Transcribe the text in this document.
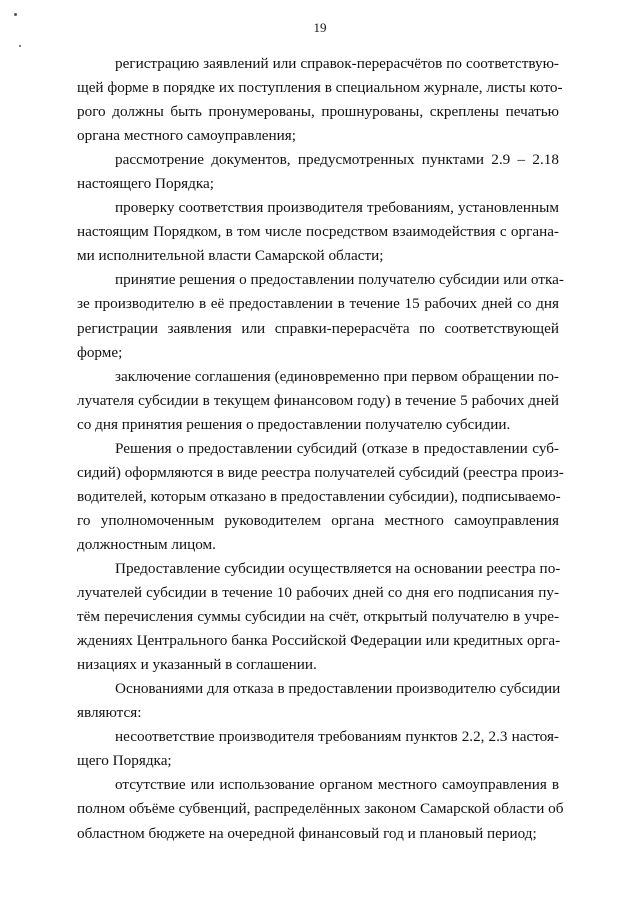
19
регистрацию заявлений или справок-перерасчётов по соответствую-
щей форме в порядке их поступления в специальном журнале, листы кото-
рого должны быть пронумерованы, прошнурованы, скреплены печатью
органа местного самоуправления;
рассмотрение документов, предусмотренных пунктами 2.9 – 2.18
настоящего Порядка;
проверку соответствия производителя требованиям, установленным
настоящим Порядком, в том числе посредством взаимодействия с органа-
ми исполнительной власти Самарской области;
принятие решения о предоставлении получателю субсидии или отка-
зе производителю в её предоставлении в течение 15 рабочих дней со дня
регистрации заявления или справки-перерасчёта по соответствующей
форме;
заключение соглашения (единовременно при первом обращении по-
лучателя субсидии в текущем финансовом году) в течение 5 рабочих дней
со дня принятия решения о предоставлении получателю субсидии.
Решения о предоставлении субсидий (отказе в предоставлении суб-
сидий) оформляются в виде реестра получателей субсидий (реестра произ-
водителей, которым отказано в предоставлении субсидии), подписываемо-
го уполномоченным руководителем органа местного самоуправления
должностным лицом.
Предоставление субсидии осуществляется на основании реестра по-
лучателей субсидии в течение 10 рабочих дней со дня его подписания пу-
тём перечисления суммы субсидии на счёт, открытый получателю в учре-
ждениях Центрального банка Российской Федерации или кредитных орга-
низациях и указанный в соглашении.
Основаниями для отказа в предоставлении производителю субсидии
являются:
несоответствие производителя требованиям пунктов 2.2, 2.3 настоя-
щего Порядка;
отсутствие или использование органом местного самоуправления в
полном объёме субвенций, распределённых законом Самарской области об
областном бюджете на очередной финансовый год и плановый период;
